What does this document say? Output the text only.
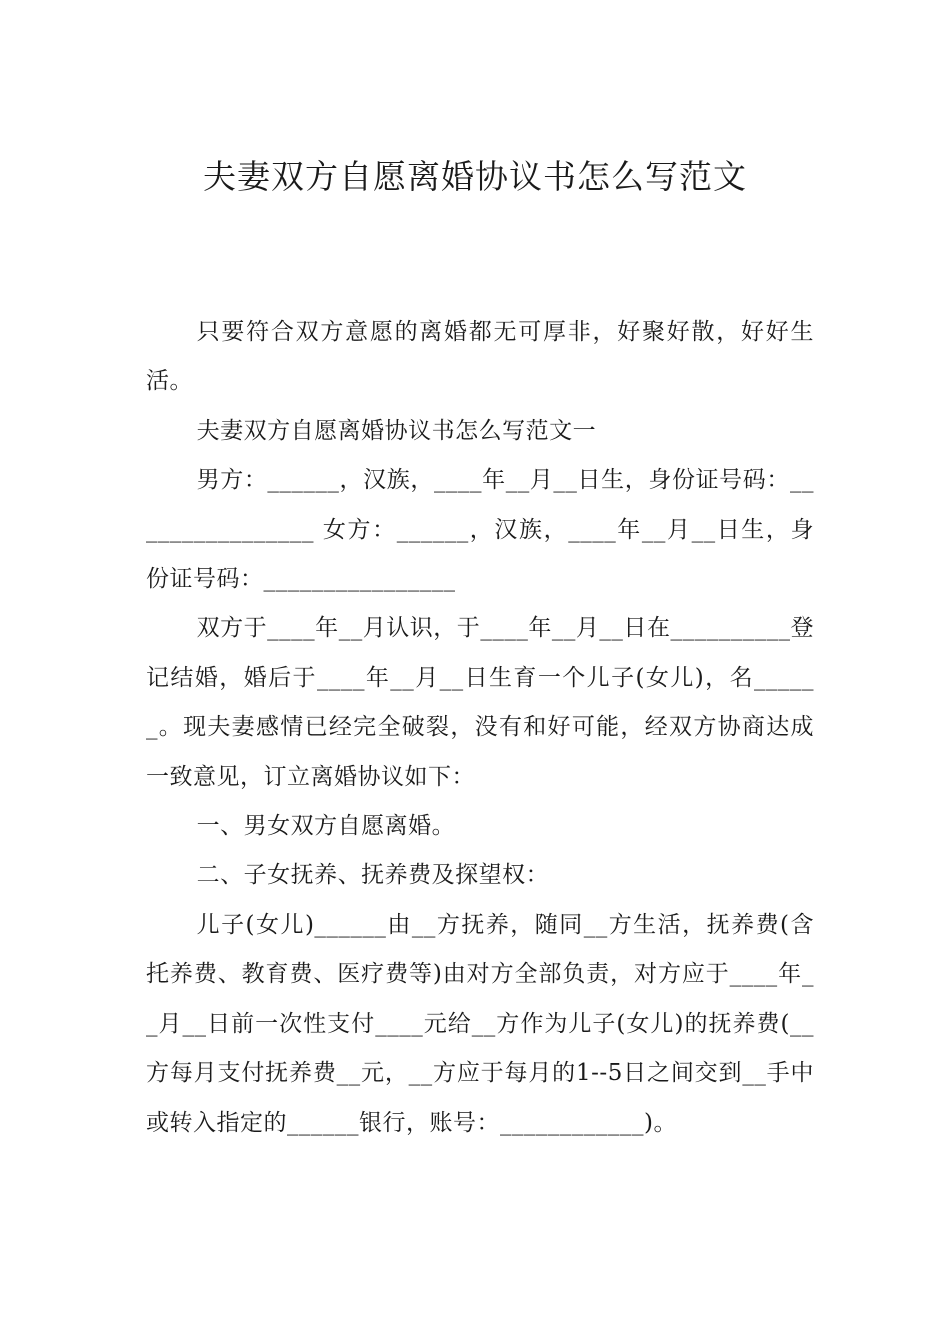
夫妻双方自愿离婚协议书怎么写范文

只要符合双方意愿的离婚都无可厚非，好聚好散，好好生活。

夫妻双方自愿离婚协议书怎么写范文一

男方：______，汉族，____年__月__日生，身份证号码：________________ 女方：______，汉族，____年__月__日生，身份证号码：________________

双方于____年__月认识，于____年__月__日在__________登记结婚，婚后于____年__月__日生育一个儿子(女儿)，名______。现夫妻感情已经完全破裂，没有和好可能，经双方协商达成一致意见，订立离婚协议如下：

一、男女双方自愿离婚。

二、子女抚养、抚养费及探望权：

儿子(女儿)______由__方抚养，随同__方生活，抚养费(含托养费、教育费、医疗费等)由对方全部负责，对方应于____年__月__日前一次性支付____元给__方作为儿子(女儿)的抚养费(__方每月支付抚养费__元，__方应于每月的1--5日之间交到__手中或转入指定的______银行，账号：____________)。
